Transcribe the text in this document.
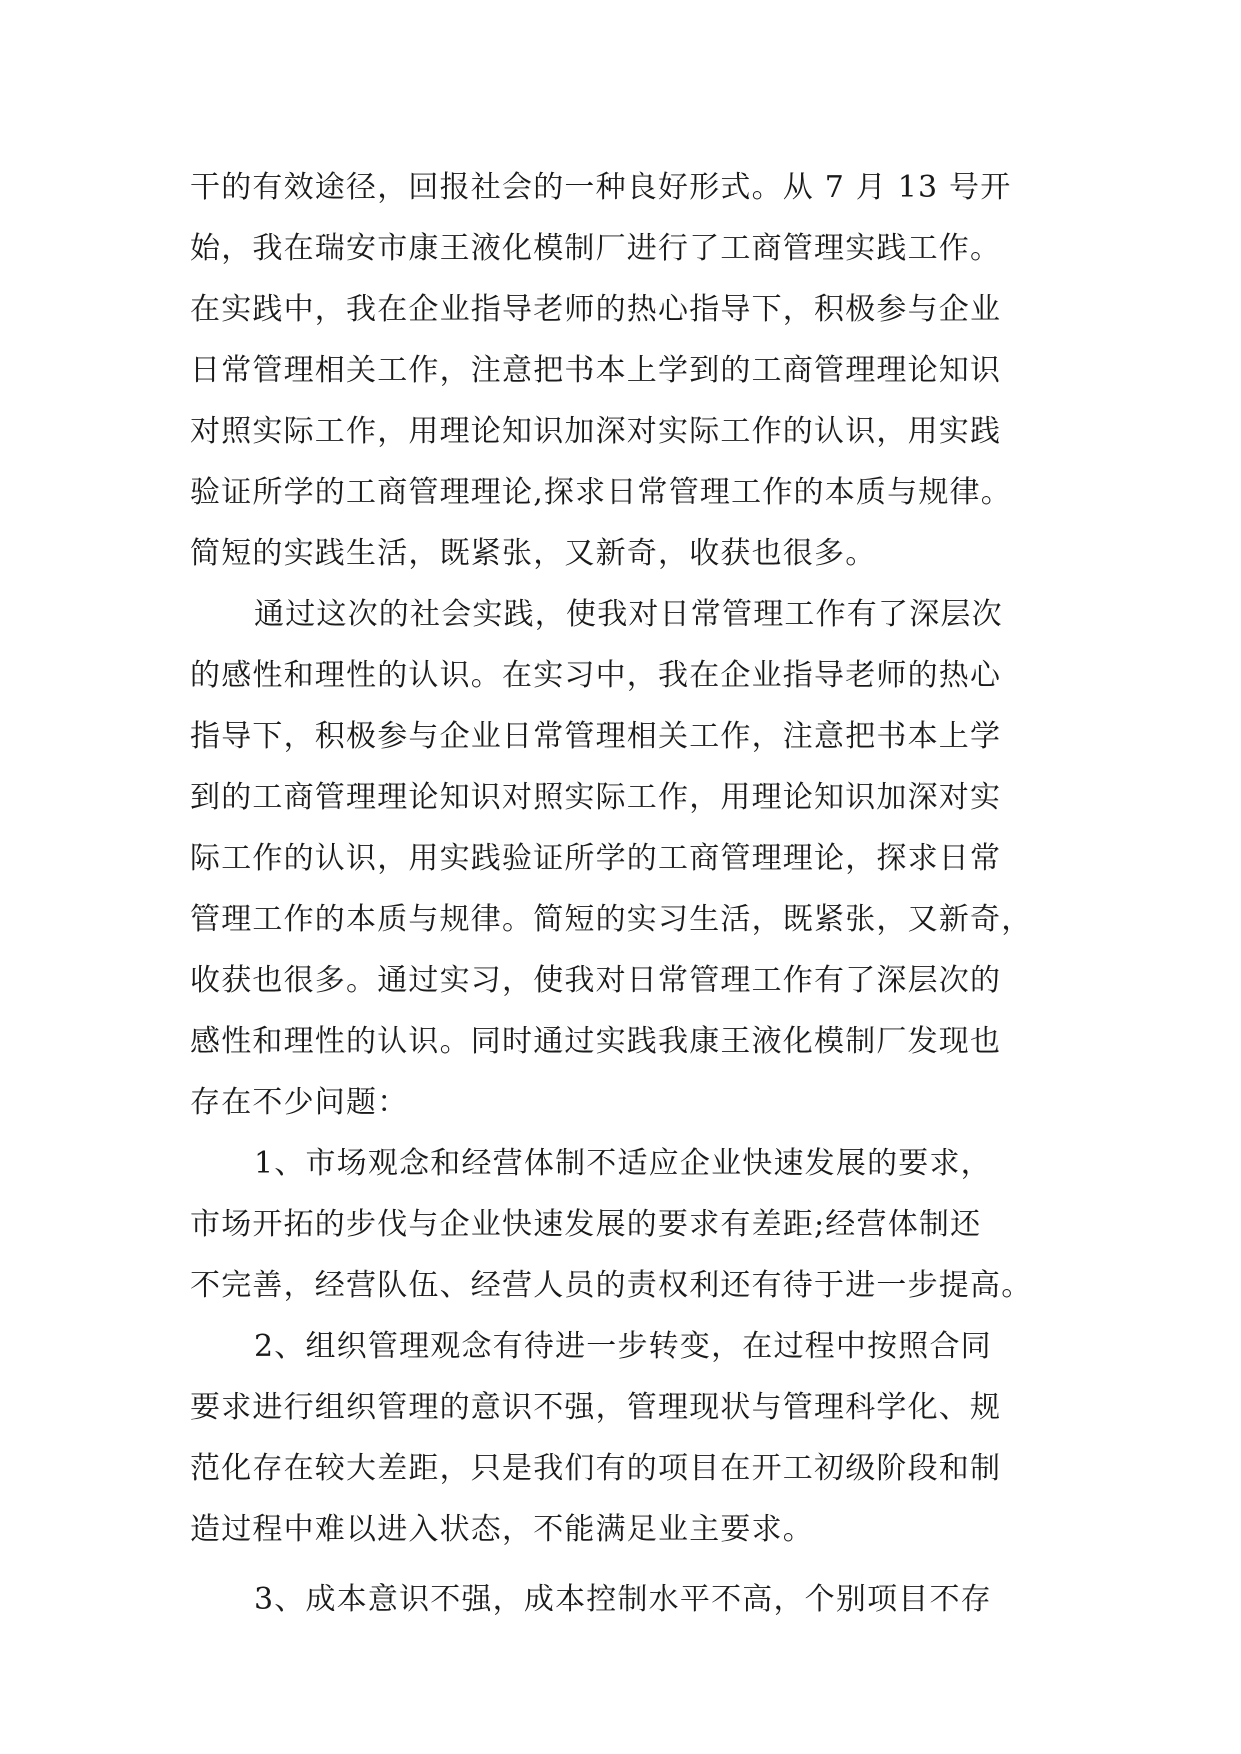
干的有效途径，回报社会的一种良好形式。从 7 月 13 号开
始，我在瑞安市康王液化模制厂进行了工商管理实践工作。
在实践中，我在企业指导老师的热心指导下，积极参与企业
日常管理相关工作，注意把书本上学到的工商管理理论知识
对照实际工作，用理论知识加深对实际工作的认识，用实践
验证所学的工商管理理论,探求日常管理工作的本质与规律。
简短的实践生活，既紧张，又新奇，收获也很多。
通过这次的社会实践，使我对日常管理工作有了深层次
的感性和理性的认识。在实习中，我在企业指导老师的热心
指导下，积极参与企业日常管理相关工作，注意把书本上学
到的工商管理理论知识对照实际工作，用理论知识加深对实
际工作的认识，用实践验证所学的工商管理理论，探求日常
管理工作的本质与规律。简短的实习生活，既紧张，又新奇，
收获也很多。通过实习，使我对日常管理工作有了深层次的
感性和理性的认识。同时通过实践我康王液化模制厂发现也
存在不少问题：
1、市场观念和经营体制不适应企业快速发展的要求，
市场开拓的步伐与企业快速发展的要求有差距;经营体制还
不完善，经营队伍、经营人员的责权利还有待于进一步提高。
2、组织管理观念有待进一步转变，在过程中按照合同
要求进行组织管理的意识不强，管理现状与管理科学化、规
范化存在较大差距，只是我们有的项目在开工初级阶段和制
造过程中难以进入状态，不能满足业主要求。
3、成本意识不强，成本控制水平不高，个别项目不存
